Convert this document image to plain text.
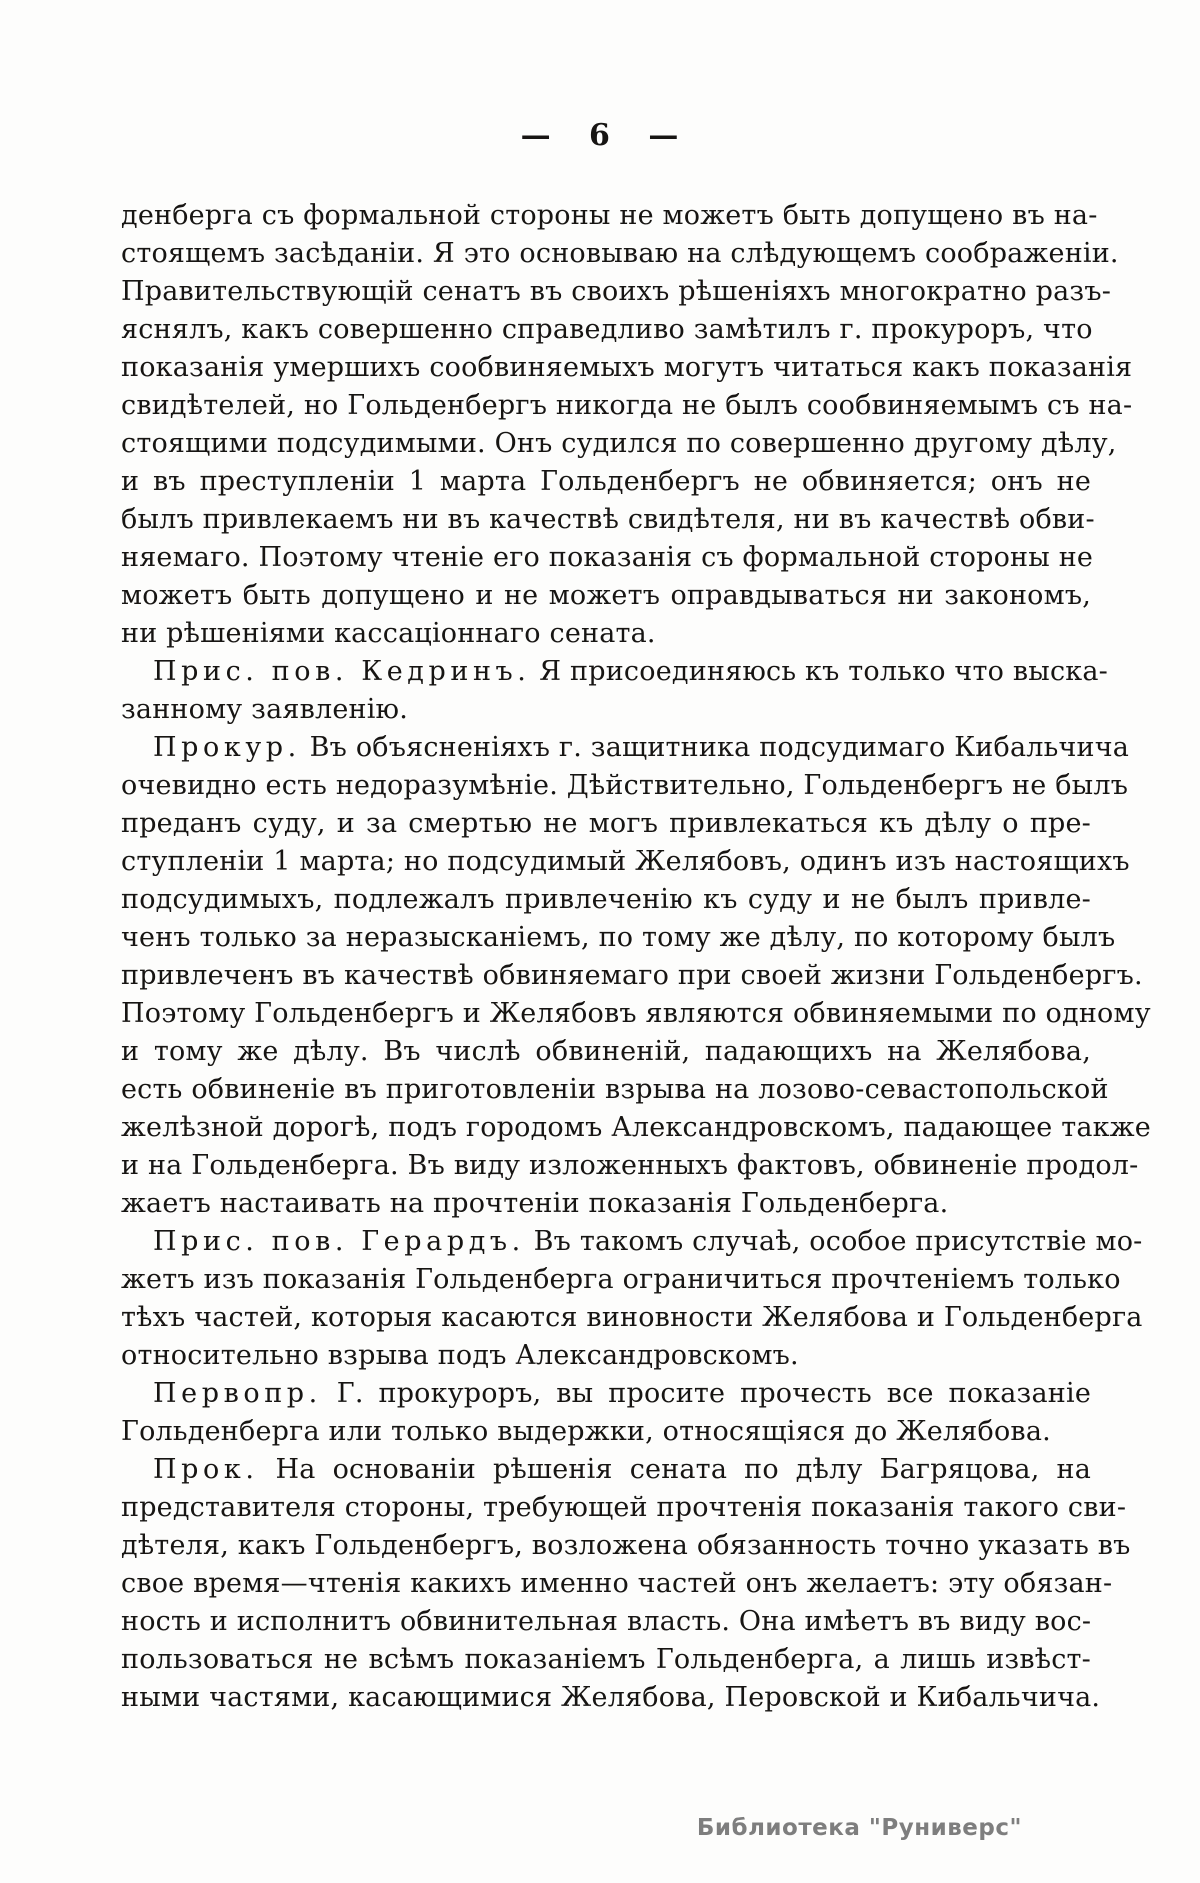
— 6 —
денберга съ формальной стороны не можетъ быть допущено въ на-
стоящемъ засѣданіи. Я это основываю на слѣдующемъ соображеніи.
Правительствующій сенатъ въ своихъ рѣшеніяхъ многократно разъ-
яснялъ, какъ совершенно справедливо замѣтилъ г. прокуроръ, что
показанія умершихъ сообвиняемыхъ могутъ читаться какъ показанія
свидѣтелей, но Гольденбергъ никогда не былъ сообвиняемымъ съ на-
стоящими подсудимыми. Онъ судился по совершенно другому дѣлу,
и въ преступленіи 1 марта Гольденбергъ не обвиняется; онъ не
былъ привлекаемъ ни въ качествѣ свидѣтеля, ни въ качествѣ обви-
няемаго. Поэтому чтеніе его показанія съ формальной стороны не
можетъ быть допущено и не можетъ оправдываться ни закономъ,
ни рѣшеніями кассаціоннаго сената.
Прис. пов. Кедринъ. Я присоединяюсь къ только что выска-
занному заявленію.
Прокур. Въ объясненіяхъ г. защитника подсудимаго Кибальчича
очевидно есть недоразумѣніе. Дѣйствительно, Гольденбергъ не былъ
преданъ суду, и за смертью не могъ привлекаться къ дѣлу о пре-
ступленіи 1 марта; но подсудимый Желябовъ, одинъ изъ настоящихъ
подсудимыхъ, подлежалъ привлеченію къ суду и не былъ привле-
ченъ только за неразысканіемъ, по тому же дѣлу, по которому былъ
привлеченъ въ качествѣ обвиняемаго при своей жизни Гольденбергъ.
Поэтому Гольденбергъ и Желябовъ являются обвиняемыми по одному
и тому же дѣлу. Въ числѣ обвиненій, падающихъ на Желябова,
есть обвиненіе въ приготовленіи взрыва на лозово-севастопольской
желѣзной дорогѣ, подъ городомъ Александровскомъ, падающее также
и на Гольденберга. Въ виду изложенныхъ фактовъ, обвиненіе продол-
жаетъ настаивать на прочтеніи показанія Гольденберга.
Прис. пов. Герардъ. Въ такомъ случаѣ, особое присутствіе мо-
жетъ изъ показанія Гольденберга ограничиться прочтеніемъ только
тѣхъ частей, которыя касаются виновности Желябова и Гольденберга
относительно взрыва подъ Александровскомъ.
Первопр. Г. прокуроръ, вы просите прочесть все показаніе
Гольденберга или только выдержки, относящіяся до Желябова.
Прок. На основаніи рѣшенія сената по дѣлу Багряцова, на
представителя стороны, требующей прочтенія показанія такого сви-
дѣтеля, какъ Гольденбергъ, возложена обязанность точно указать въ
свое время—чтенія какихъ именно частей онъ желаетъ: эту обязан-
ность и исполнитъ обвинительная власть. Она имѣетъ въ виду вос-
пользоваться не всѣмъ показаніемъ Гольденберга, а лишь извѣст-
ными частями, касающимися Желябова, Перовской и Кибальчича.
Библиотека "Руниверс"
